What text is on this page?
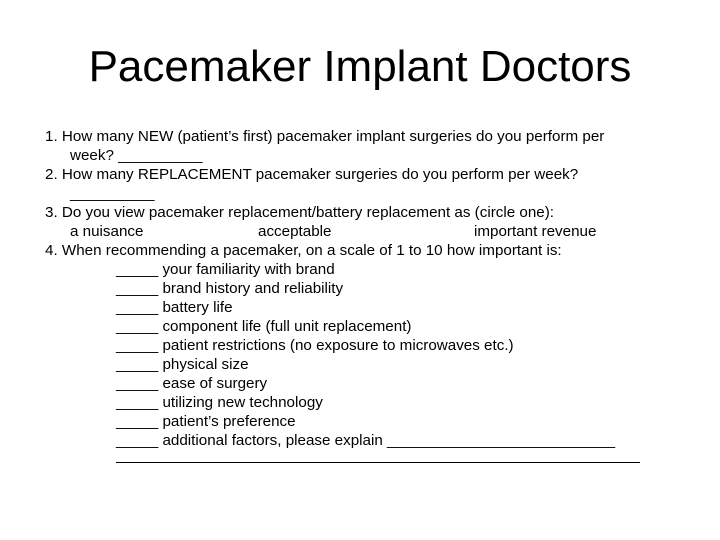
Pacemaker Implant Doctors
1. How many NEW (patient’s first) pacemaker implant surgeries do you perform per
week? __________
2. How many REPLACEMENT pacemaker surgeries do you perform per week?
__________
3. Do you view pacemaker replacement/battery replacement as (circle one):
a nuisance	acceptable	important revenue
4. When recommending a pacemaker, on a scale of 1 to 10 how important is:
_____ your familiarity with brand
_____ brand history and reliability
_____ battery life
_____ component life (full unit replacement)
_____ patient restrictions (no exposure to microwaves etc.)
_____ physical size
_____ ease of surgery
_____ utilizing new technology
_____ patient’s preference
_____ additional factors, please explain ___________________________
